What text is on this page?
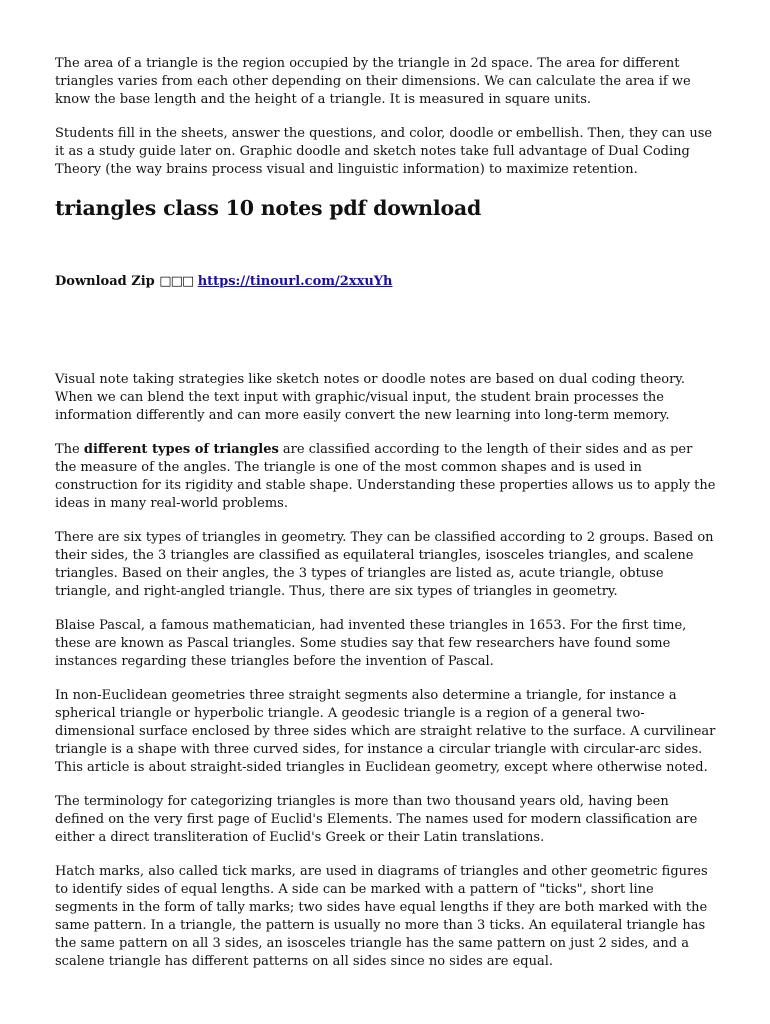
The area of a triangle is the region occupied by the triangle in 2d space. The area for different triangles varies from each other depending on their dimensions. We can calculate the area if we know the base length and the height of a triangle. It is measured in square units.

Students fill in the sheets, answer the questions, and color, doodle or embellish. Then, they can use it as a study guide later on. Graphic doodle and sketch notes take full advantage of Dual Coding Theory (the way brains process visual and linguistic information) to maximize retention.

triangles class 10 notes pdf download
Download Zip □□□ https://tinourl.com/2xxuYh

Visual note taking strategies like sketch notes or doodle notes are based on dual coding theory. When we can blend the text input with graphic/visual input, the student brain processes the information differently and can more easily convert the new learning into long-term memory.

The different types of triangles are classified according to the length of their sides and as per the measure of the angles. The triangle is one of the most common shapes and is used in construction for its rigidity and stable shape. Understanding these properties allows us to apply the ideas in many real-world problems.

There are six types of triangles in geometry. They can be classified according to 2 groups. Based on their sides, the 3 triangles are classified as equilateral triangles, isosceles triangles, and scalene triangles. Based on their angles, the 3 types of triangles are listed as, acute triangle, obtuse triangle, and right-angled triangle. Thus, there are six types of triangles in geometry.

Blaise Pascal, a famous mathematician, had invented these triangles in 1653. For the first time, these are known as Pascal triangles. Some studies say that few researchers have found some instances regarding these triangles before the invention of Pascal.

In non-Euclidean geometries three straight segments also determine a triangle, for instance a spherical triangle or hyperbolic triangle. A geodesic triangle is a region of a general two-dimensional surface enclosed by three sides which are straight relative to the surface. A curvilinear triangle is a shape with three curved sides, for instance a circular triangle with circular-arc sides. This article is about straight-sided triangles in Euclidean geometry, except where otherwise noted.

The terminology for categorizing triangles is more than two thousand years old, having been defined on the very first page of Euclid's Elements. The names used for modern classification are either a direct transliteration of Euclid's Greek or their Latin translations.

Hatch marks, also called tick marks, are used in diagrams of triangles and other geometric figures to identify sides of equal lengths. A side can be marked with a pattern of "ticks", short line segments in the form of tally marks; two sides have equal lengths if they are both marked with the same pattern. In a triangle, the pattern is usually no more than 3 ticks. An equilateral triangle has the same pattern on all 3 sides, an isosceles triangle has the same pattern on just 2 sides, and a scalene triangle has different patterns on all sides since no sides are equal.
